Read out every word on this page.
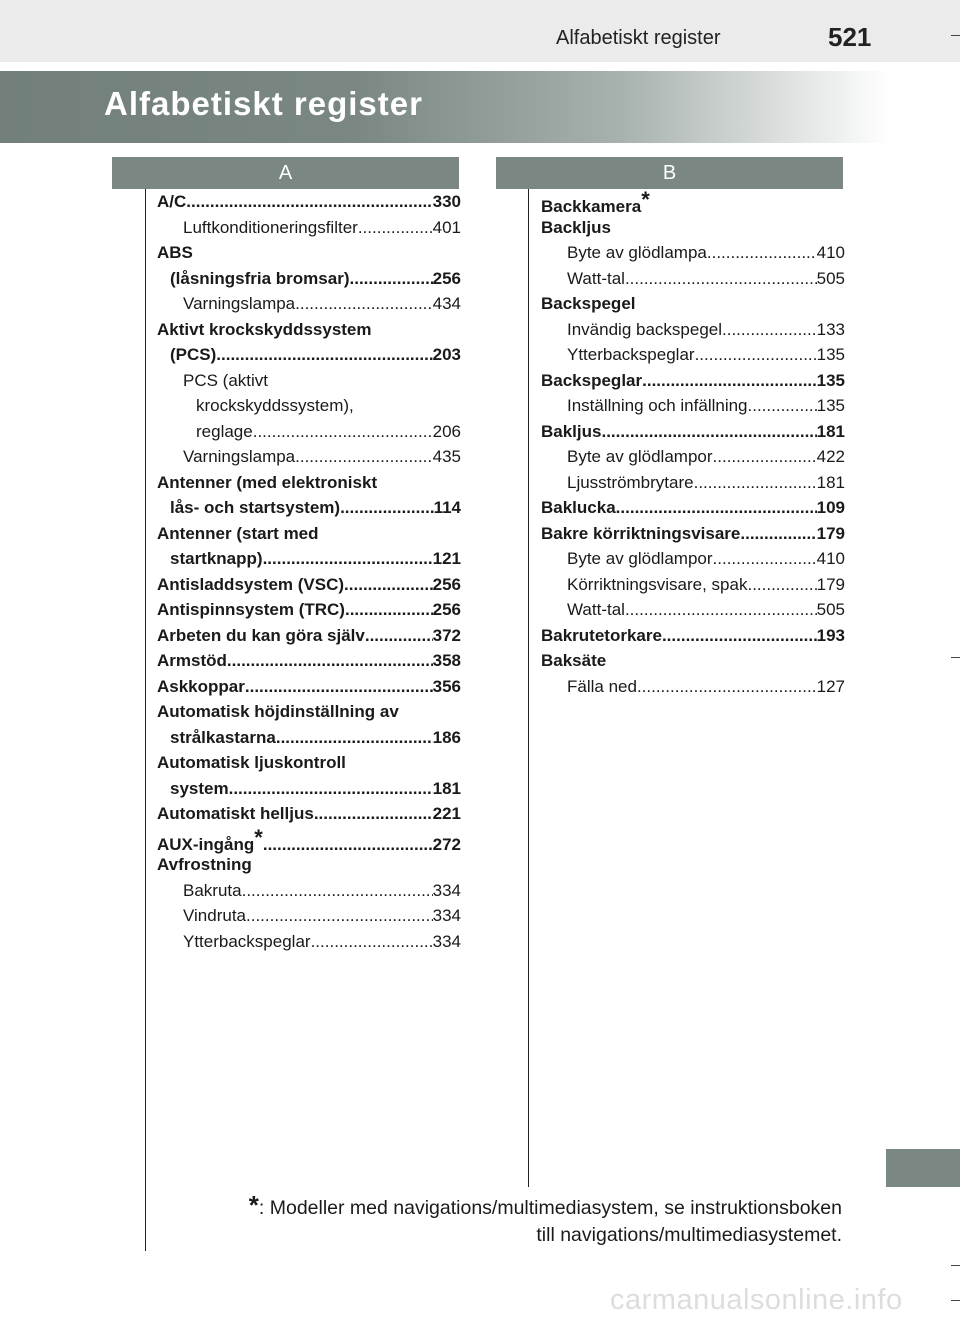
Alfabetiskt register	521
Alfabetiskt register
A	B
A/C .....	330
Luftkonditioneringsfilter .....	401
ABS
(låsningsfria bromsar) .....	256
Varningslampa .....	434
Aktivt krockskyddssystem
(PCS) .....	203
PCS (aktivt
krockskyddssystem),
reglage .....	206
Varningslampa .....	435
Antenner (med elektroniskt
lås- och startsystem) .....	114
Antenner (start med
startknapp) .....	121
Antisladdsystem (VSC) .....	256
Antispinnsystem (TRC) .....	256
Arbeten du kan göra själv .....	372
Armstöd .....	358
Askkoppar .....	356
Automatisk höjdinställning av
strålkastarna .....	186
Automatisk ljuskontroll
system .....	181
Automatiskt helljus .....	221
AUX-ingång * .....	272
Avfrostning
Bakruta .....	334
Vindruta .....	334
Ytterbackspeglar .....	334
Backkamera *
Backljus
Byte av glödlampa .....	410
Watt-tal .....	505
Backspegel
Invändig backspegel .....	133
Ytterbackspeglar .....	135
Backspeglar .....	135
Inställning och infällning .....	135
Bakljus .....	181
Byte av glödlampor .....	422
Ljusströmbrytare .....	181
Baklucka .....	109
Bakre körriktningsvisare .....	179
Byte av glödlampor .....	410
Körriktningsvisare, spak .....	179
Watt-tal .....	505
Bakrutetorkare .....	193
Baksäte
Fälla ned .....	127
*: Modeller med navigations/multimediasystem, se instruktionsboken
till navigations/multimediasystemet.
carmanualsonline.info
